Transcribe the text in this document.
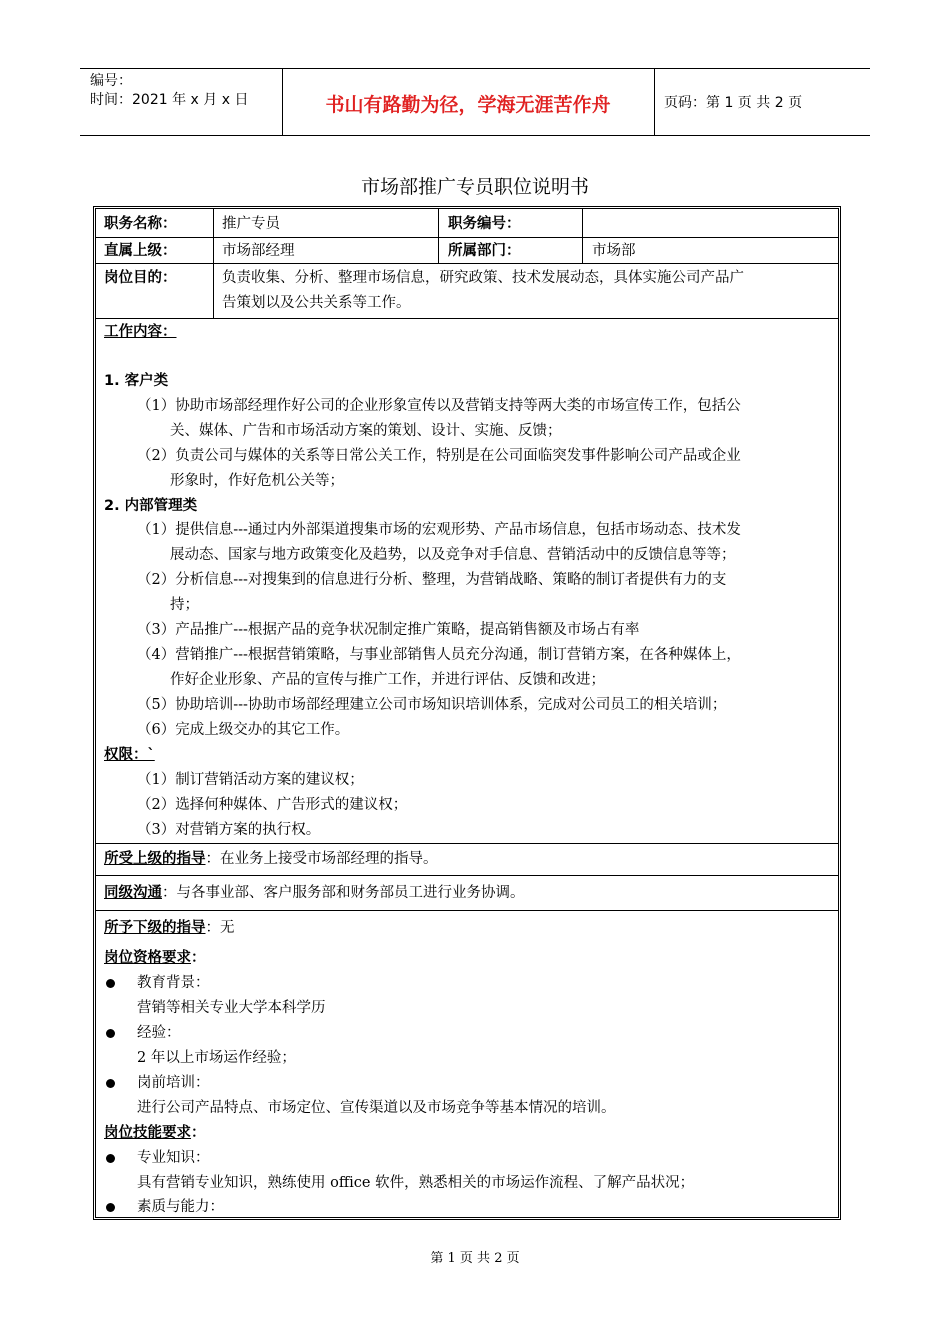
编号：
时间：2021 年 x 月 x 日	书山有路勤为径，学海无涯苦作舟	页码：第 1 页 共 2 页
市场部推广专员职位说明书
职务名称：	推广专员	职务编号：
直属上级：	市场部经理	所属部门：	市场部
岗位目的：	负责收集、分析、整理市场信息，研究政策、技术发展动态，具体实施公司产品广
告策划以及公共关系等工作。
工作内容：
1. 客户类
（1）协助市场部经理作好公司的企业形象宣传以及营销支持等两大类的市场宣传工作，包括公
关、媒体、广告和市场活动方案的策划、设计、实施、反馈；
（2）负责公司与媒体的关系等日常公关工作，特别是在公司面临突发事件影响公司产品或企业
形象时，作好危机公关等；
2. 内部管理类
（1）提供信息---通过内外部渠道搜集市场的宏观形势、产品市场信息，包括市场动态、技术发
展动态、国家与地方政策变化及趋势，以及竞争对手信息、营销活动中的反馈信息等等；
（2）分析信息---对搜集到的信息进行分析、整理，为营销战略、策略的制订者提供有力的支
持；
（3）产品推广---根据产品的竞争状况制定推广策略，提高销售额及市场占有率
（4）营销推广---根据营销策略，与事业部销售人员充分沟通，制订营销方案，在各种媒体上，
作好企业形象、产品的宣传与推广工作，并进行评估、反馈和改进；
（5）协助培训---协助市场部经理建立公司市场知识培训体系，完成对公司员工的相关培训；
（6）完成上级交办的其它工作。
权限：`
（1）制订营销活动方案的建议权；
（2）选择何种媒体、广告形式的建议权；
（3）对营销方案的执行权。
所受上级的指导：在业务上接受市场部经理的指导。
同级沟通：与各事业部、客户服务部和财务部员工进行业务协调。
所予下级的指导：无
岗位资格要求：
教育背景：
营销等相关专业大学本科学历
经验：
2 年以上市场运作经验；
岗前培训：
进行公司产品特点、市场定位、宣传渠道以及市场竞争等基本情况的培训。
岗位技能要求：
专业知识：
具有营销专业知识，熟练使用 office 软件，熟悉相关的市场运作流程、了解产品状况；
素质与能力：
第 1 页 共 2 页
